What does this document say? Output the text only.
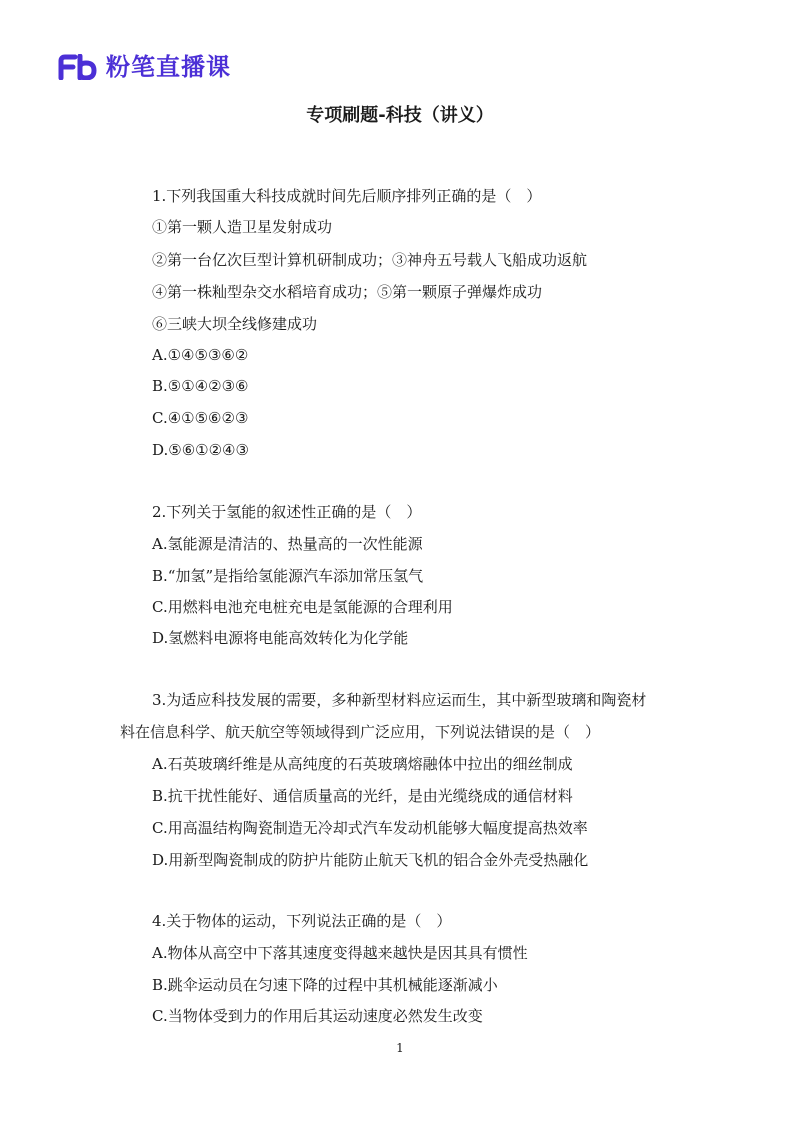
粉笔直播课
专项刷题-科技（讲义）
1.下列我国重大科技成就时间先后顺序排列正确的是（　）
①第一颗人造卫星发射成功
②第一台亿次巨型计算机研制成功；③神舟五号载人飞船成功返航
④第一株籼型杂交水稻培育成功；⑤第一颗原子弹爆炸成功
⑥三峡大坝全线修建成功
A.①④⑤③⑥②
B.⑤①④②③⑥
C.④①⑤⑥②③
D.⑤⑥①②④③
2.下列关于氢能的叙述性正确的是（　）
A.氢能源是清洁的、热量高的一次性能源
B.“加氢”是指给氢能源汽车添加常压氢气
C.用燃料电池充电桩充电是氢能源的合理利用
D.氢燃料电源将电能高效转化为化学能
3.为适应科技发展的需要，多种新型材料应运而生，其中新型玻璃和陶瓷材
料在信息科学、航天航空等领域得到广泛应用，下列说法错误的是（　）
A.石英玻璃纤维是从高纯度的石英玻璃熔融体中拉出的细丝制成
B.抗干扰性能好、通信质量高的光纤，是由光缆绕成的通信材料
C.用高温结构陶瓷制造无冷却式汽车发动机能够大幅度提高热效率
D.用新型陶瓷制成的防护片能防止航天飞机的铝合金外壳受热融化
4.关于物体的运动，下列说法正确的是（　）
A.物体从高空中下落其速度变得越来越快是因其具有惯性
B.跳伞运动员在匀速下降的过程中其机械能逐渐减小
C.当物体受到力的作用后其运动速度必然发生改变
1
